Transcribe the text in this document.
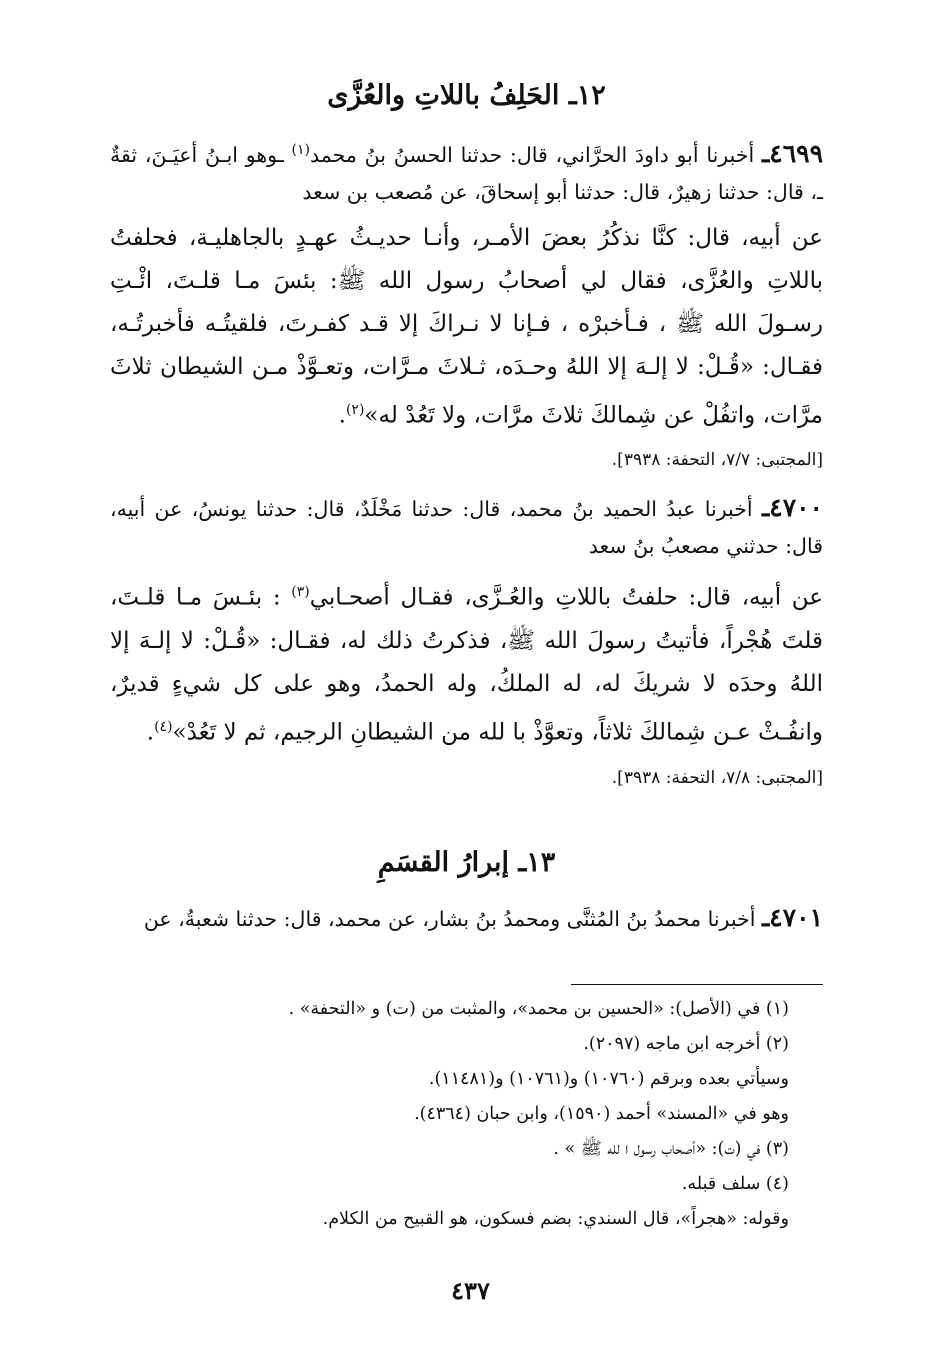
١٢ـ الحَلِفُ باللاتِ والعُزَّى

٤٦٩٩ـ أخبرنا أبو داودَ الحرَّاني، قال: حدثنا الحسنُ بنُ محمد$^{(١)}$ ـوهو ابـنُ أعيَـنَ، ثقةٌ ـ، قال: حدثنا زهيرٌ، قال: حدثنا أبو إسحاقَ، عن مُصعب بن سعد

عن أبيه، قال: كنَّا نذكُرُ بعضَ الأمـر، وأنـا حديـثُ عهـدٍ بالجاهليـة، فحلفتُ باللاتِ والعُزَّى، فقال لي أصحابُ رسول الله ﷺ: بئسَ مـا قلـتَ، ائْـتِ رسـولَ الله ﷺ ، فـأخبرْه ، فـإنا لا نـراكَ إلا قـد كفـرتَ، فلقيتُـه فأخبرتُـه، فقـال: «قُـلْ: لا إلـهَ إلا اللهُ وحـدَه، ثـلاثَ مـرَّات، وتعـوَّذْ مـن الشيطان ثلاثَ مرَّات، واتفُلْ عن شِمالكَ ثلاثَ مرَّات، ولا تَعُدْ له»$^{(٢)}$.

[المجتبى: ٧/٧، التحفة: ٣٩٣٨].

٤٧٠٠ـ أخبرنا عبدُ الحميد بنُ محمد، قال: حدثنا مَخْلَدٌ، قال: حدثنا يونسُ، عن أبيه، قال: حدثني مصعبُ بنُ سعد

عن أبيه، قال: حلفتُ باللاتِ والعُـزَّى، فقـال أصحـابي$^{(٣)}$ : بئـسَ مـا قلـتَ، قلتَ هُجْراً، فأتيتُ رسولَ الله ﷺ، فذكرتُ ذلك له، فقـال: «قُـلْ: لا إلـهَ إلا اللهُ وحدَه لا شريكَ له، له الملكُ، وله الحمدُ، وهو على كل شيءٍ قديرٌ، وانفُـثْ عـن شِمالكَ ثلاثاً، وتعوَّذْ با لله من الشيطانِ الرجيم، ثم لا تَعُدْ»$^{(٤)}$.

[المجتبى: ٧/٨، التحفة: ٣٩٣٨].
١٣ـ إبرارُ القسَمِ

٤٧٠١ـ أخبرنا محمدُ بنُ المُثنَّى ومحمدُ بنُ بشار، عن محمد، قال: حدثنا شعبةُ، عن

(١) في (الأصل): «الحسين بن محمد»، والمثبت من (ت) و «التحفة» .
(٢) أخرجه ابن ماجه (٢٠٩٧).
وسيأتي بعده وبرقم (١٠٧٦٠) و(١٠٧٦١) و(١١٤٨١).
وهو في «المسند» أحمد (١٥٩٠)، وابن حبان (٤٣٦٤).
(٣) في (ت): «أصحاب رسول ا لله ﷺ » .
(٤) سلف قبله.
وقوله: «هجراً»، قال السندي: بضم فسكون، هو القبيح من الكلام.
٤٣٧
